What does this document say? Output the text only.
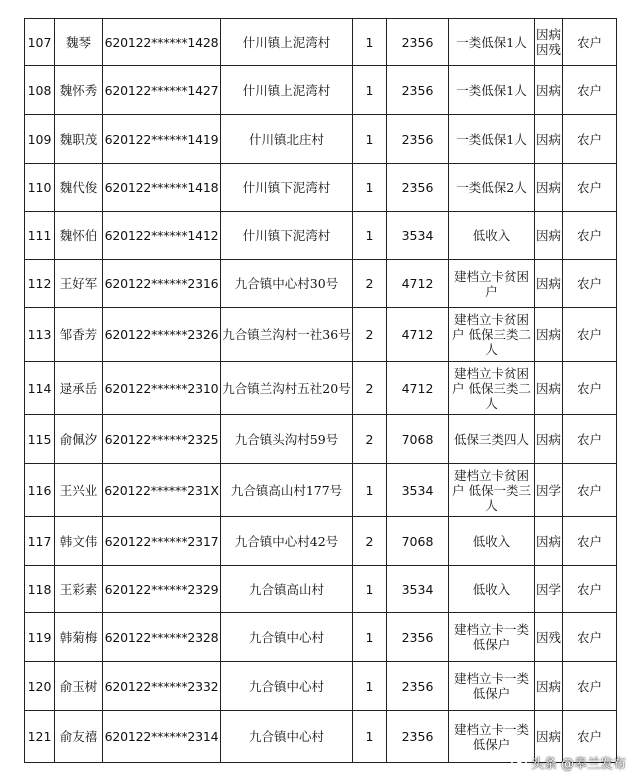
107	魏琴	620122******1428	什川镇上泥湾村	1	2356	一类低保1人	因病因残	农户
108	魏怀秀	620122******1427	什川镇上泥湾村	1	2356	一类低保1人	因病	农户
109	魏职茂	620122******1419	什川镇北庄村	1	2356	一类低保1人	因病	农户
110	魏代俊	620122******1418	什川镇下泥湾村	1	2356	一类低保2人	因病	农户
111	魏怀伯	620122******1412	什川镇下泥湾村	1	3534	低收入	因病	农户
112	王好军	620122******2316	九合镇中心村30号	2	4712	建档立卡贫困户	因病	农户
113	邹香芳	620122******2326	九合镇兰沟村一社36号	2	4712	建档立卡贫困户 低保三类二人	因病	农户
114	逯承岳	620122******2310	九合镇兰沟村五社20号	2	4712	建档立卡贫困户 低保三类二人	因病	农户
115	俞佩汐	620122******2325	九合镇头沟村59号	2	7068	低保三类四人	因病	农户
116	王兴业	620122******231X	九合镇高山村177号	1	3534	建档立卡贫困户 低保一类三人	因学	农户
117	韩文伟	620122******2317	九合镇中心村42号	2	7068	低收入	因病	农户
118	王彩素	620122******2329	九合镇高山村	1	3534	低收入	因学	农户
119	韩菊梅	620122******2328	九合镇中心村	1	2356	建档立卡一类低保户	因残	农户
120	俞玉树	620122******2332	九合镇中心村	1	2356	建档立卡一类低保户	因病	农户
121	俞友禧	620122******2314	九合镇中心村	1	2356	建档立卡一类低保户	因病	农户
头条 @皋兰发布
